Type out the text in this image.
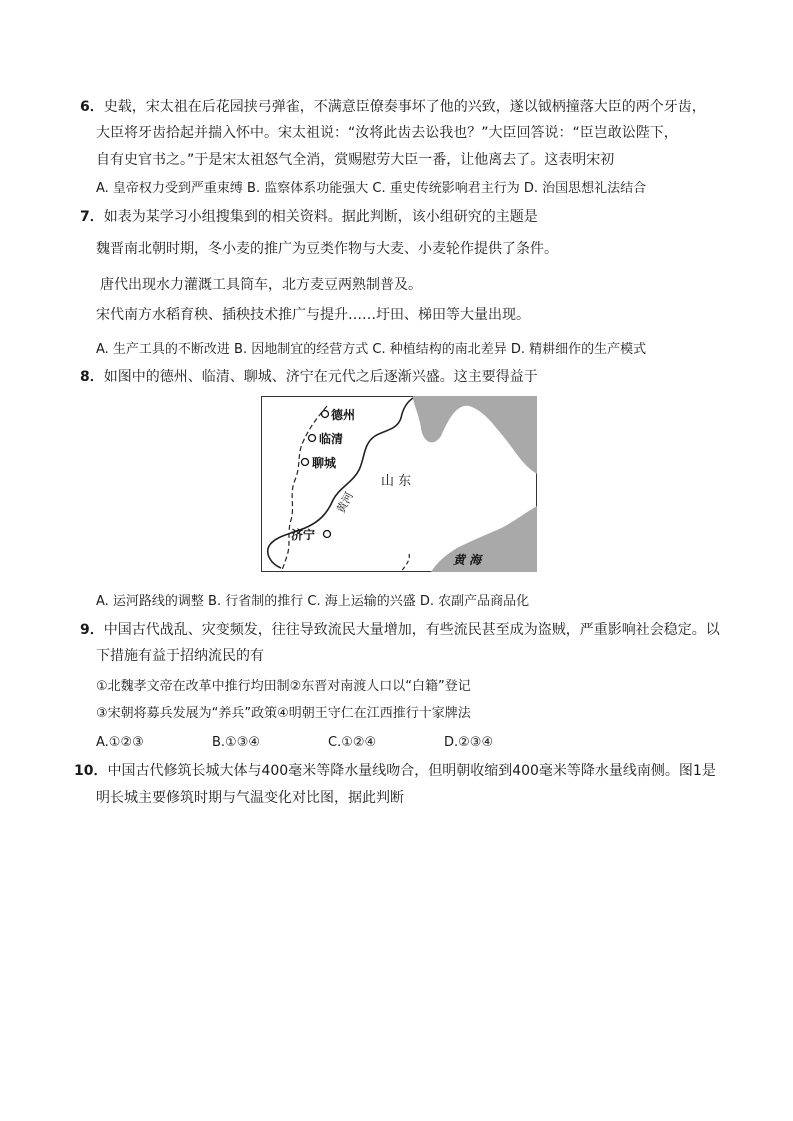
6．史载，宋太祖在后花园挟弓弹雀，不满意臣僚奏事坏了他的兴致，遂以钺柄撞落大臣的两个牙齿，
大臣将牙齿拾起并揣入怀中。宋太祖说：“汝将此齿去讼我也？”大臣回答说：“臣岂敢讼陛下，
自有史官书之。”于是宋太祖怒气全消，赏赐慰劳大臣一番，让他离去了。这表明宋初
A. 皇帝权力受到严重束缚 B. 监察体系功能强大 C. 重史传统影响君主行为 D. 治国思想礼法结合
7．如表为某学习小组搜集到的相关资料。据此判断，该小组研究的主题是
魏晋南北朝时期，冬小麦的推广为豆类作物与大麦、小麦轮作提供了条件。
唐代出现水力灌溉工具筒车，北方麦豆两熟制普及。
宋代南方水稻育秧、插秧技术推广与提升……圩田、梯田等大量出现。
A. 生产工具的不断改进 B. 因地制宜的经营方式 C. 种植结构的南北差异 D. 精耕细作的生产模式
8．如图中的德州、临清、聊城、济宁在元代之后逐渐兴盛。这主要得益于
德州
临清
聊城
济宁
山 东
黄河
黄 海
A. 运河路线的调整 B. 行省制的推行 C. 海上运输的兴盛 D. 农副产品商品化
9．中国古代战乱、灾变频发，往往导致流民大量增加，有些流民甚至成为盗贼，严重影响社会稳定。以
下措施有益于招纳流民的有
①北魏孝文帝在改革中推行均田制②东晋对南渡人口以“白籍”登记
③宋朝将募兵发展为“养兵”政策④明朝王守仁在江西推行十家牌法
A.①②③	B.①③④	C.①②④	D.②③④
10．中国古代修筑长城大体与400毫米等降水量线吻合，但明朝收缩到400毫米等降水量线南侧。图1是
明长城主要修筑时期与气温变化对比图，据此判断
